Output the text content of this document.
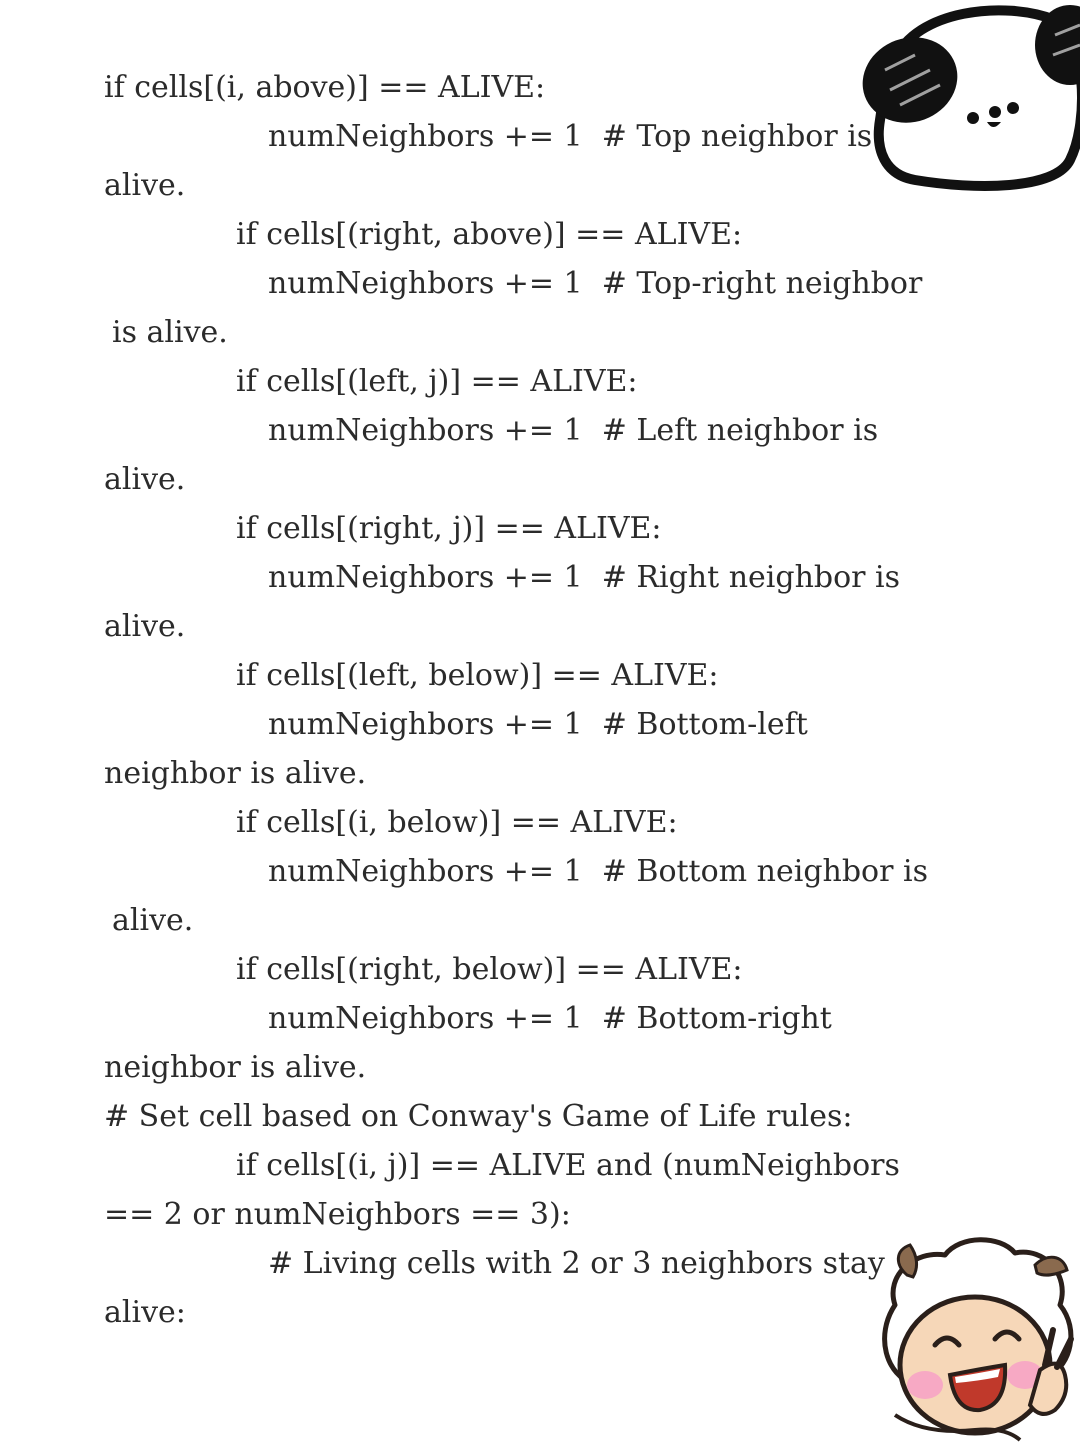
if cells[(i, above)] == ALIVE:
numNeighbors += 1  # Top neighbor is
alive.
if cells[(right, above)] == ALIVE:
numNeighbors += 1  # Top-right neighbor
is alive.
if cells[(left, j)] == ALIVE:
numNeighbors += 1  # Left neighbor is
alive.
if cells[(right, j)] == ALIVE:
numNeighbors += 1  # Right neighbor is
alive.
if cells[(left, below)] == ALIVE:
numNeighbors += 1  # Bottom-left
neighbor is alive.
if cells[(i, below)] == ALIVE:
numNeighbors += 1  # Bottom neighbor is
alive.
if cells[(right, below)] == ALIVE:
numNeighbors += 1  # Bottom-right
neighbor is alive.
# Set cell based on Conway's Game of Life rules:
if cells[(i, j)] == ALIVE and (numNeighbors
== 2 or numNeighbors == 3):
# Living cells with 2 or 3 neighbors stay
alive:
